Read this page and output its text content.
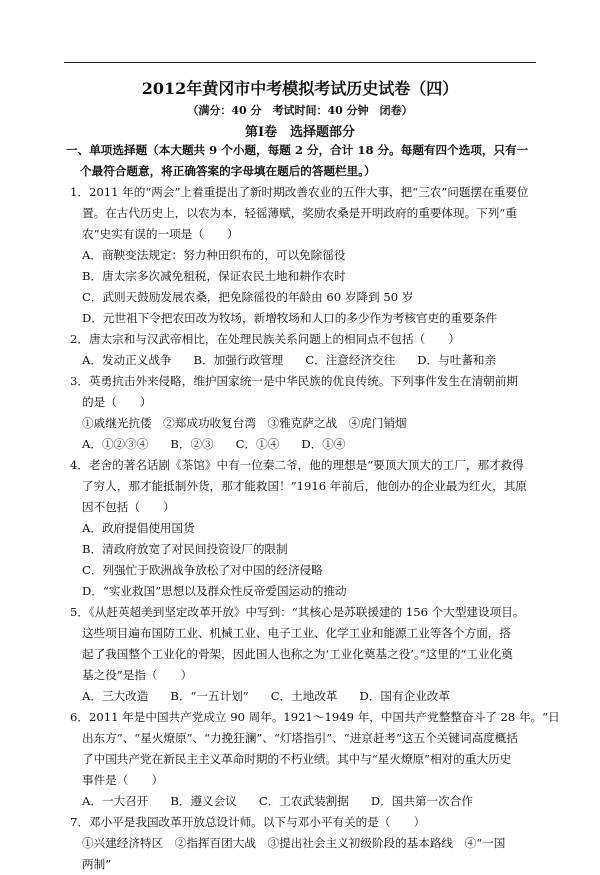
2012年黄冈市中考模拟考试历史试卷（四）
（满分：40 分　考试时间：40 分钟　闭卷）
第Ⅰ卷　选择题部分
一、单项选择题（本大题共 9 个小题，每题 2 分，合计 18 分。每题有四个选项，只有一
个最符合题意，将正确答案的字母填在题后的答题栏里。）
1．2011 年的“两会”上着重提出了新时期改善农业的五件大事，把“三农”问题摆在重要位
置。在古代历史上，以农为本，轻徭薄赋，奖励农桑是开明政府的重要体现。下列“重
农”史实有误的一项是（　　）
A．商鞅变法规定：努力种田织布的，可以免除徭役
B．唐太宗多次减免租税，保证农民土地和耕作农时
C．武则天鼓励发展农桑，把免除徭役的年龄由 60 岁降到 50 岁
D．元世祖下令把农田改为牧场，新增牧场和人口的多少作为考核官吏的重要条件
2．唐太宗和与汉武帝相比，在处理民族关系问题上的相同点不包括（　　）
A．发动正义战争 B．加强行政管理 C．注意经济交往 D．与吐蕃和亲
3．英勇抗击外来侵略，维护国家统一是中华民族的优良传统。下列事件发生在清朝前期
的是（　　）
①戚继光抗倭　②郑成功收复台湾　③雅克萨之战　④虎门销烟
A．①②③④ B．②③ C．①④ D．①④
4．老舍的著名话剧《茶馆》中有一位秦二爷，他的理想是“要顶大顶大的工厂，那才救得
了穷人，那才能抵制外货，那才能救国！”1916 年前后，他创办的企业最为红火，其原
因不包括（　　）
A．政府提倡使用国货
B．清政府放宽了对民间投资设厂的限制
C．列强忙于欧洲战争放松了对中国的经济侵略
D．“实业救国”思想以及群众性反帝爱国运动的推动
5．《从赶英超美到坚定改革开放》中写到：“其核心是苏联援建的 156 个大型建设项目。
这些项目遍布国防工业、机械工业、电子工业、化学工业和能源工业等各个方面，搭
起了我国整个工业化的骨架，因此国人也称之为‘工业化奠基之役’。”这里的“工业化奠
基之役”是指（　　）
A．三大改造 B．“一五计划” C．土地改革 D．国有企业改革
6．2011 年是中国共产党成立 90 周年。1921～1949 年，中国共产党整整奋斗了 28 年。“日
出东方”、“星火燎原”、“力挽狂澜”、“灯塔指引”、“进京赶考”这五个关键词高度概括
了中国共产党在新民主主义革命时期的不朽业绩。其中与“星火燎原”相对的重大历史
事件是（　　）
A．一大召开 B．遵义会议 C．工农武装割据 D．国共第一次合作
7．邓小平是我国改革开放总设计师。以下与邓小平有关的是（　　）
①兴建经济特区　②指挥百团大战　③提出社会主义初级阶段的基本路线　④“一国
两制”
